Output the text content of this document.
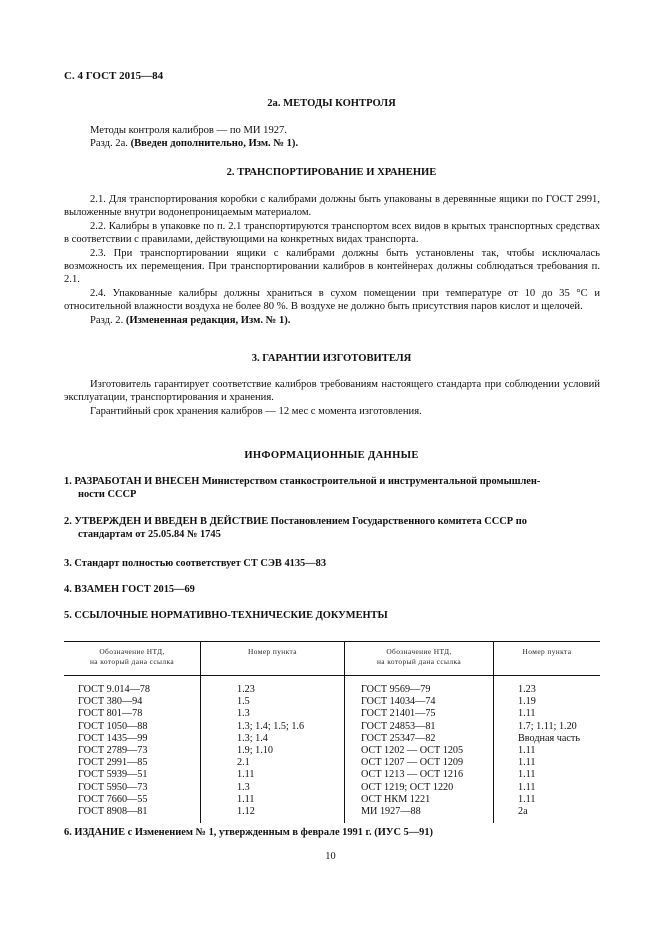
С. 4 ГОСТ 2015—84
2а. МЕТОДЫ КОНТРОЛЯ

Методы контроля калибров — по МИ 1927.

Разд. 2а. (Введен дополнительно, Изм. № 1).

2. ТРАНСПОРТИРОВАНИЕ И ХРАНЕНИЕ

2.1. Для транспортирования коробки с калибрами должны быть упакованы в деревянные ящики по ГОСТ 2991, выложенные внутри водонепроницаемым материалом.

2.2. Калибры в упаковке по п. 2.1 транспортируются транспортом всех видов в крытых транспортных средствах в соответствии с правилами, действующими на конкретных видах транспорта.

2.3. При транспортировании ящики с калибрами должны быть установлены так, чтобы исключалась возможность их перемещения. При транспортировании калибров в контейнерах должны соблюдаться требования п. 2.1.

2.4. Упакованные калибры должны храниться в сухом помещении при температуре от 10 до 35 °С и относительной влажности воздуха не более 80 %. В воздухе не должно быть присутствия паров кислот и щелочей.

Разд. 2. (Измененная редакция, Изм. № 1).

3. ГАРАНТИИ ИЗГОТОВИТЕЛЯ

Изготовитель гарантирует соответствие калибров требованиям настоящего стандарта при соблюдении условий эксплуатации, транспортирования и хранения.

Гарантийный срок хранения калибров — 12 мес с момента изготовления.

ИНФОРМАЦИОННЫЕ ДАННЫЕ
1. РАЗРАБОТАН И ВНЕСЕН Министерством станкостроительной и инструментальной промышлен-
ности СССР
2. УТВЕРЖДЕН И ВВЕДЕН В ДЕЙСТВИЕ Постановлением Государственного комитета СССР по
стандартам от 25.05.84 № 1745
3. Стандарт полностью соответствует СТ СЭВ 4135—83
4. ВЗАМЕН ГОСТ 2015—69
5. ССЫЛОЧНЫЕ НОРМАТИВНО-ТЕХНИЧЕСКИЕ ДОКУМЕНТЫ
Обозначение НТД,
на который дана ссылка	Номер пункта	Обозначение НТД,
на который дана ссылка	Номер пункта
ГОСТ 9.014—78	1.23	ГОСТ 9569—79	1.23
ГОСТ 380—94	1.5	ГОСТ 14034—74	1.19
ГОСТ 801—78	1.3	ГОСТ 21401—75	1.11
ГОСТ 1050—88	1.3; 1.4; 1.5; 1.6	ГОСТ 24853—81	1.7; 1.11; 1.20
ГОСТ 1435—99	1.3; 1.4	ГОСТ 25347—82	Вводная часть
ГОСТ 2789—73	1.9; 1.10	ОСТ 1202 — ОСТ 1205	1.11
ГОСТ 2991—85	2.1	ОСТ 1207 — ОСТ 1209	1.11
ГОСТ 5939—51	1.11	ОСТ 1213 — ОСТ 1216	1.11
ГОСТ 5950—73	1.3	ОСТ 1219; ОСТ 1220	1.11
ГОСТ 7660—55	1.11	ОСТ НКМ 1221	1.11
ГОСТ 8908—81	1.12	МИ 1927—88	2а
6. ИЗДАНИЕ с Изменением № 1, утвержденным в феврале 1991 г. (ИУС 5—91)
10
